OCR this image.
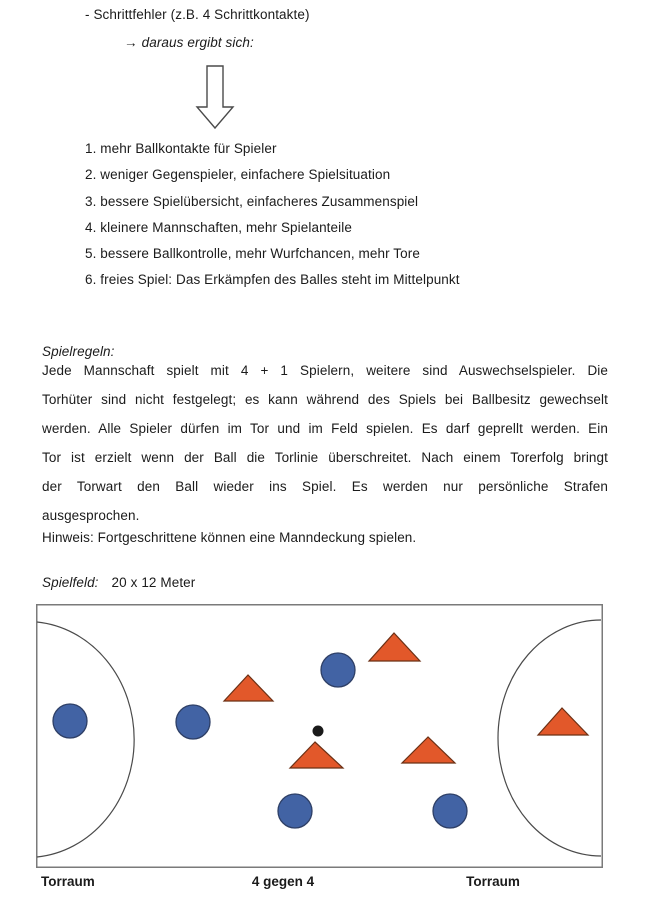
- Schrittfehler (z.B. 4 Schrittkontakte)
→ daraus ergibt sich:
1. mehr Ballkontakte für Spieler
2. weniger Gegenspieler, einfachere Spielsituation
3. bessere Spielübersicht, einfacheres Zusammenspiel
4. kleinere Mannschaften, mehr Spielanteile
5. bessere Ballkontrolle, mehr Wurfchancen, mehr Tore
6. freies Spiel: Das Erkämpfen des Balles steht im Mittelpunkt
Spielregeln:
Jede Mannschaft spielt mit 4 + 1 Spielern, weitere sind Auswechselspieler. Die
Torhüter sind nicht festgelegt; es kann während des Spiels bei Ballbesitz gewechselt
werden. Alle Spieler dürfen im Tor und im Feld spielen. Es darf geprellt werden. Ein
Tor ist erzielt wenn der Ball die Torlinie überschreitet. Nach einem Torerfolg bringt
der Torwart den Ball wieder ins Spiel. Es werden nur persönliche Strafen
ausgesprochen.
Hinweis: Fortgeschrittene können eine Manndeckung spielen.
Spielfeld: 20 x 12 Meter
Torraum	4 gegen 4	Torraum
